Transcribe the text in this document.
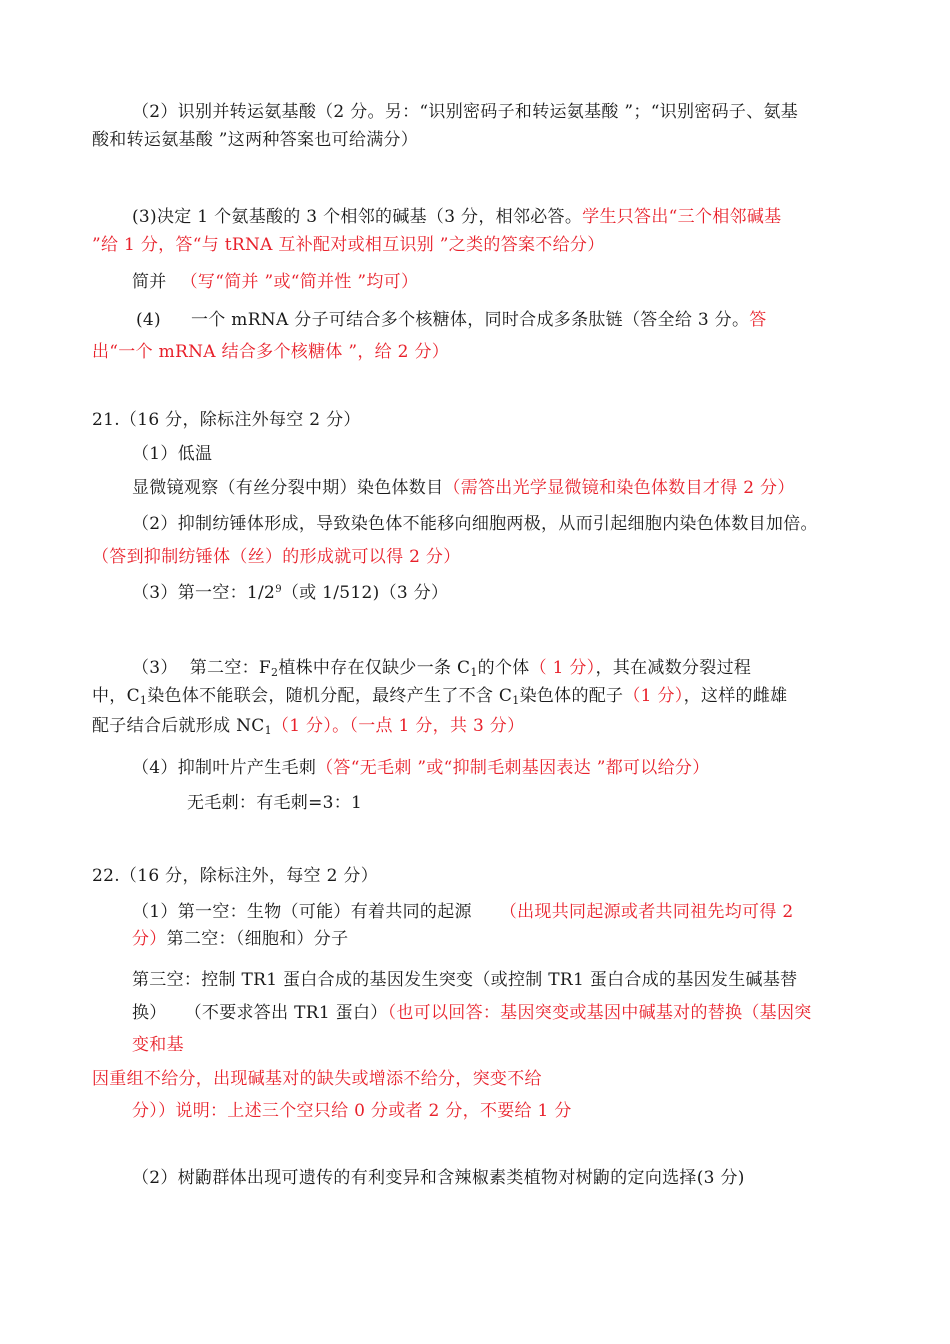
（2）识别并转运氨基酸（2 分。另：“识别密码子和转运氨基酸 ”；“识别密码子、氨基
酸和转运氨基酸 ”这两种答案也可给满分）
(3)决定 1 个氨基酸的 3 个相邻的碱基（3 分，相邻必答。学生只答出“三个相邻碱基
”给 1 分，答“与 tRNA 互补配对或相互识别 ”之类的答案不给分）
简并 （写“简并 ”或“简并性 ”均可）
(4) 一个 mRNA 分子可结合多个核糖体，同时合成多条肽链（答全给 3 分。答
出“一个 mRNA 结合多个核糖体 ”，给 2 分）
21.（16 分，除标注外每空 2 分）
（1）低温
显微镜观察（有丝分裂中期）染色体数目（需答出光学显微镜和染色体数目才得 2 分）
（2）抑制纺锤体形成，导致染色体不能移向细胞两极，从而引起细胞内染色体数目加倍。
（答到抑制纺锤体（丝）的形成就可以得 2 分）
（3）第一空：$1/2^9$（或 1/512)（3 分）
（3） 第二空：$F_2$植株中存在仅缺少一条 $C_1$的个体（ 1 分），其在减数分裂过程
中，$C_1$染色体不能联会，随机分配，最终产生了不含 $C_1$染色体的配子（1 分），这样的雌雄
配子结合后就形成 $NC_1(1$ 分）。（一点 1 分，共 3 分）
（4）抑制叶片产生毛刺（答“无毛刺 ”或“抑制毛刺基因表达 ”都可以给分）
无毛刺：有毛刺=3：1
22.（16 分，除标注外，每空 2 分）
（1）第一空：生物（可能）有着共同的起源 （出现共同起源或者共同祖先均可得 2
分）第二空：（细胞和）分子
第三空：控制 TR1 蛋白合成的基因发生突变（或控制 TR1 蛋白合成的基因发生碱基替
换） （不要求答出 TR1 蛋白）（也可以回答：基因突变或基因中碱基对的替换（基因突
变和基
因重组不给分，出现碱基对的缺失或增添不给分，突变不给
分））说明：上述三个空只给 0 分或者 2 分，不要给 1 分
（2）树鼩群体出现可遗传的有利变异和含辣椒素类植物对树鼩的定向选择(3 分)
